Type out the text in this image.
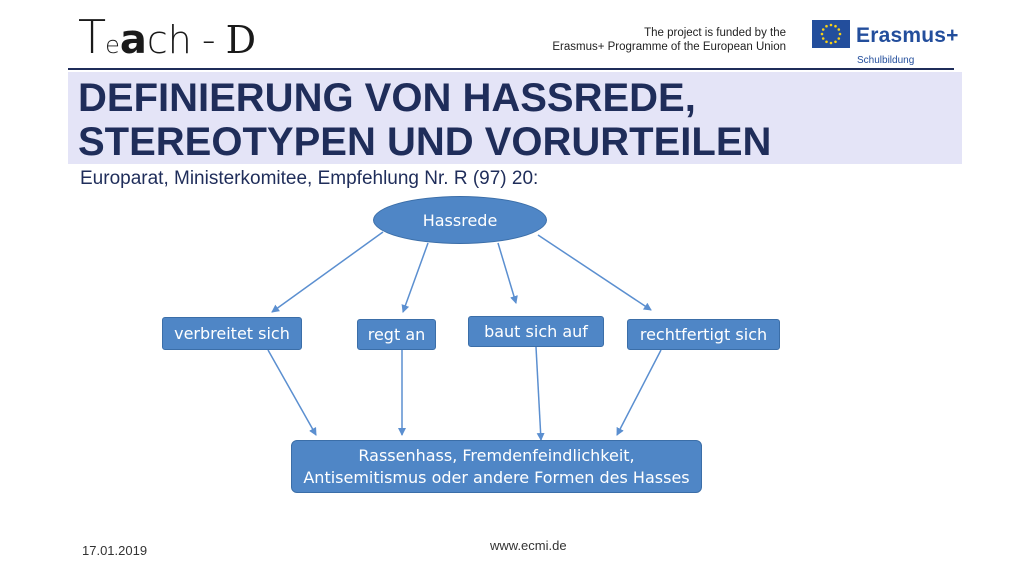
Teach - D	The project is funded by the
Erasmus+ Programme of the European Union	Erasmus+
Schulbildung
DEFINIERUNG VON HASSREDE,
STEREOTYPEN UND VORURTEILEN
Europarat, Ministerkomitee, Empfehlung Nr. R (97) 20:
Hassrede
verbreitet sich	regt an	baut sich auf	rechtfertigt sich
Rassenhass, Fremdenfeindlichkeit,
Antisemitismus oder andere Formen des Hasses
17.01.2019	www.ecmi.de
